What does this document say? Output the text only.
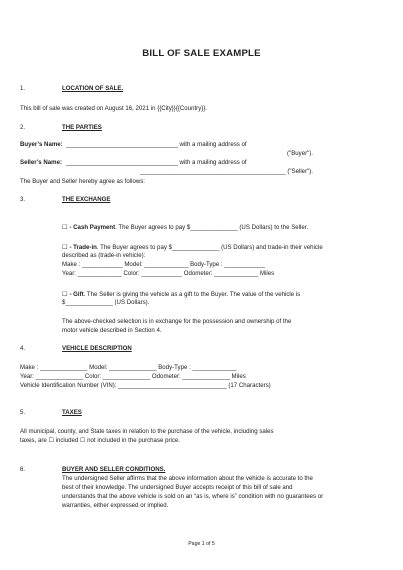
BILL OF SALE EXAMPLE
1.	LOCATION OF SALE.
This bill of sale was created on August 16, 2021 in {{City}}{{Country}}.
2.	THE PARTIES
Buyer’s Name: _________________________________ with a mailing address of
("Buyer").
Seller’s Name: _________________________________ with a mailing address of
___________________________________________ ("Seller").
The Buyer and Seller hereby agree as follows:
3.	THE EXCHANGE
☐ - Cash Payment. The Buyer agrees to pay $______________ (US Dollars) to the Seller.
☐ - Trade-in. The Buyer agrees to pay $______________ (US Dollars) and trade-in their vehicle
described as (trade-in vehicle):
Make : ____________ Model: _____________ Body-Type : ____________
Year: _____________ Color: ____________ Odometer: _____________ Miles
☐ - Gift. The Seller is giving the vehicle as a gift to the Buyer. The value of the vehicle is
$______________ (US Dollars).
The above-checked selection is in exchange for the possession and ownership of the
motor vehicle described in Section 4.
4.	VEHICLE DESCRIPTION
Make : ______________ Model: ______________ Body-Type : _____________
Year: ______________ Color: ______________ Odometer: ______________ Miles
Vehicle Identification Number (VIN): ________________________________ (17 Characters)
5.	TAXES
All municipal, county, and State taxes in relation to the purchase of the vehicle, including sales
taxes, are ☐ included ☐ not included in the purchase price.
6.	BUYER AND SELLER CONDITIONS.
The undersigned Seller affirms that the above information about the vehicle is accurate to the
best of their knowledge. The undersigned Buyer accepts receipt of this bill of sale and
understands that the above vehicle is sold on an “as is, where is” condition with no guarantees or
warranties, either expressed or implied.
Page 1 of 5
